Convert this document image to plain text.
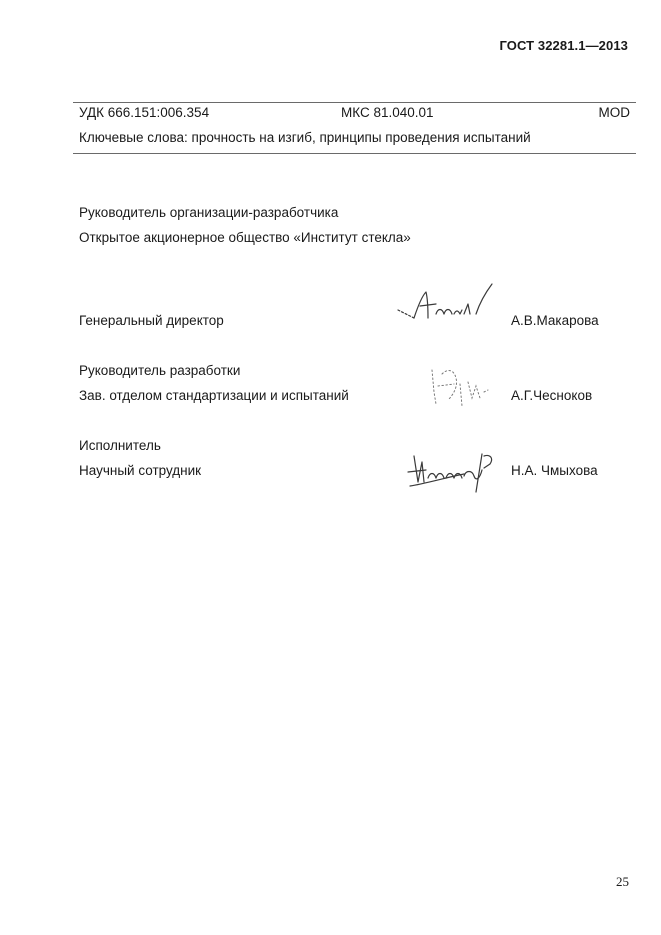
ГОСТ 32281.1—2013
УДК 666.151:006.354	МКС 81.040.01	MOD
Ключевые слова: прочность на изгиб, принципы проведения испытаний
Руководитель организации-разработчика
Открытое акционерное общество «Институт стекла»
Генеральный директор	А.В.Макарова
Руководитель разработки
Зав. отделом стандартизации и испытаний	А.Г.Чесноков
Исполнитель
Научный сотрудник	Н.А. Чмыхова
25
